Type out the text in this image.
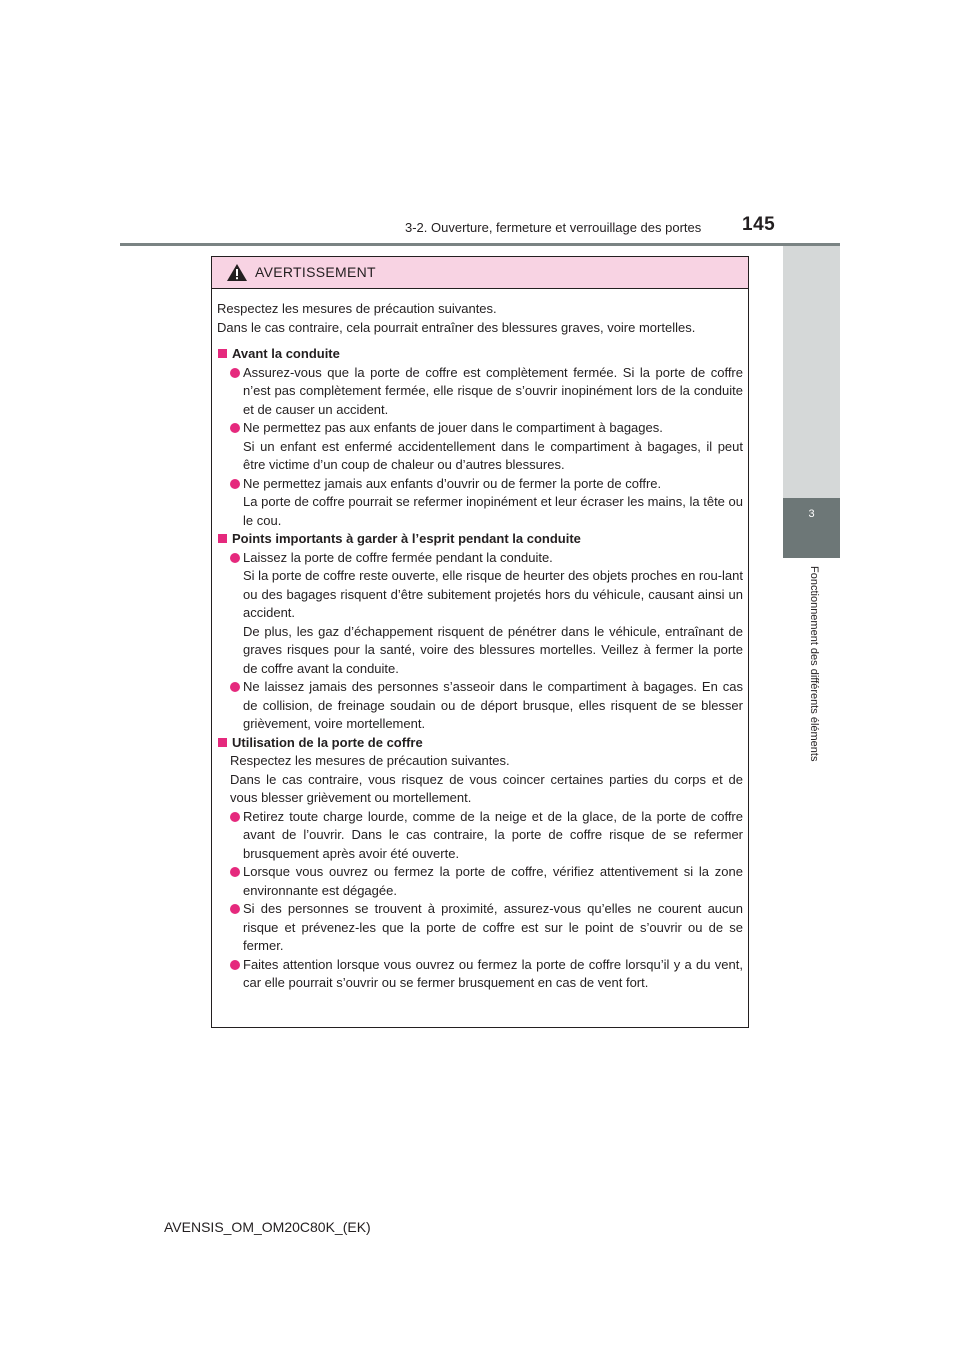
3-2. Ouverture, fermeture et verrouillage des portes 145
3
Fonctionnement des différents éléments
AVERTISSEMENT

Respectez les mesures de précaution suivantes.
Dans le cas contraire, cela pourrait entraîner des blessures graves, voire mortelles.

Avant la conduite

Assurez-vous que la porte de coffre est complètement fermée. Si la porte de coffre n’est pas complètement fermée, elle risque de s’ouvrir inopinément lors de la conduite et de causer un accident.

Ne permettez pas aux enfants de jouer dans le compartiment à bagages.
Si un enfant est enfermé accidentellement dans le compartiment à bagages, il peut être victime d’un coup de chaleur ou d’autres blessures.

Ne permettez jamais aux enfants d’ouvrir ou de fermer la porte de coffre.
La porte de coffre pourrait se refermer inopinément et leur écraser les mains, la tête ou le cou.

Points importants à garder à l’esprit pendant la conduite

Laissez la porte de coffre fermée pendant la conduite.
Si la porte de coffre reste ouverte, elle risque de heurter des objets proches en rou-lant ou des bagages risquent d’être subitement projetés hors du véhicule, causant ainsi un accident.
De plus, les gaz d’échappement risquent de pénétrer dans le véhicule, entraînant de graves risques pour la santé, voire des blessures mortelles. Veillez à fermer la porte de coffre avant la conduite.

Ne laissez jamais des personnes s’asseoir dans le compartiment à bagages. En cas de collision, de freinage soudain ou de déport brusque, elles risquent de se blesser grièvement, voire mortellement.

Utilisation de la porte de coffre

Respectez les mesures de précaution suivantes.
Dans le cas contraire, vous risquez de vous coincer certaines parties du corps et de vous blesser grièvement ou mortellement.

Retirez toute charge lourde, comme de la neige et de la glace, de la porte de coffre avant de l’ouvrir. Dans le cas contraire, la porte de coffre risque de se refermer brusquement après avoir été ouverte.

Lorsque vous ouvrez ou fermez la porte de coffre, vérifiez attentivement si la zone environnante est dégagée.

Si des personnes se trouvent à proximité, assurez-vous qu’elles ne courent aucun risque et prévenez-les que la porte de coffre est sur le point de s’ouvrir ou de se fermer.

Faites attention lorsque vous ouvrez ou fermez la porte de coffre lorsqu’il y a du vent, car elle pourrait s’ouvrir ou se fermer brusquement en cas de vent fort.

AVENSIS_OM_OM20C80K_(EK)
